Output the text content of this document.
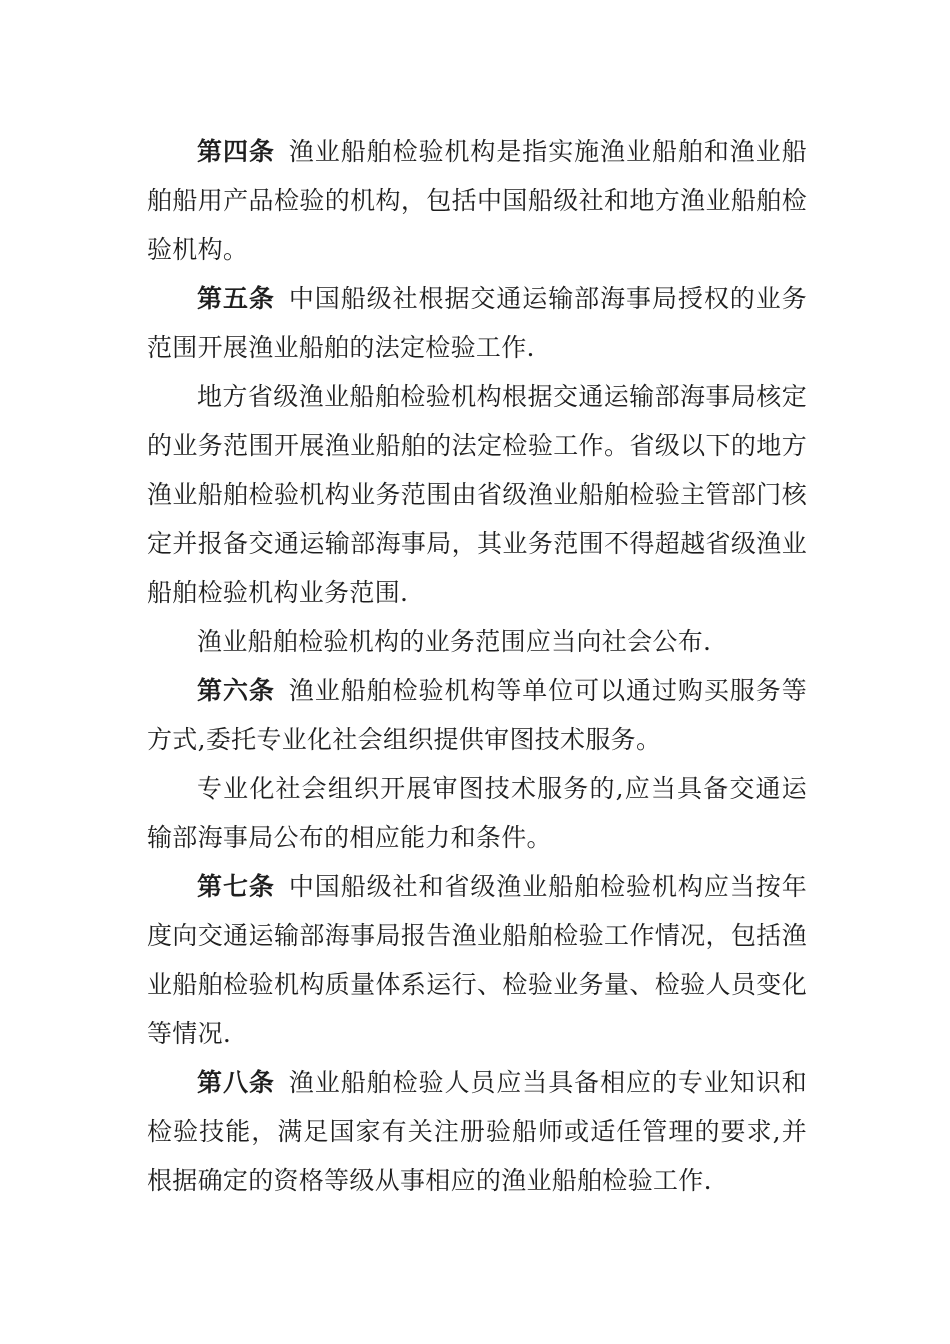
第四条 渔业船舶检验机构是指实施渔业船舶和渔业船舶船用产品检验的机构，包括中国船级社和地方渔业船舶检验机构。

第五条 中国船级社根据交通运输部海事局授权的业务范围开展渔业船舶的法定检验工作.

地方省级渔业船舶检验机构根据交通运输部海事局核定的业务范围开展渔业船舶的法定检验工作。省级以下的地方渔业船舶检验机构业务范围由省级渔业船舶检验主管部门核定并报备交通运输部海事局，其业务范围不得超越省级渔业船舶检验机构业务范围.

渔业船舶检验机构的业务范围应当向社会公布.

第六条 渔业船舶检验机构等单位可以通过购买服务等方式,委托专业化社会组织提供审图技术服务。

专业化社会组织开展审图技术服务的,应当具备交通运输部海事局公布的相应能力和条件。

第七条 中国船级社和省级渔业船舶检验机构应当按年度向交通运输部海事局报告渔业船舶检验工作情况，包括渔业船舶检验机构质量体系运行、检验业务量、检验人员变化等情况.

第八条 渔业船舶检验人员应当具备相应的专业知识和检验技能，满足国家有关注册验船师或适任管理的要求,并根据确定的资格等级从事相应的渔业船舶检验工作.
